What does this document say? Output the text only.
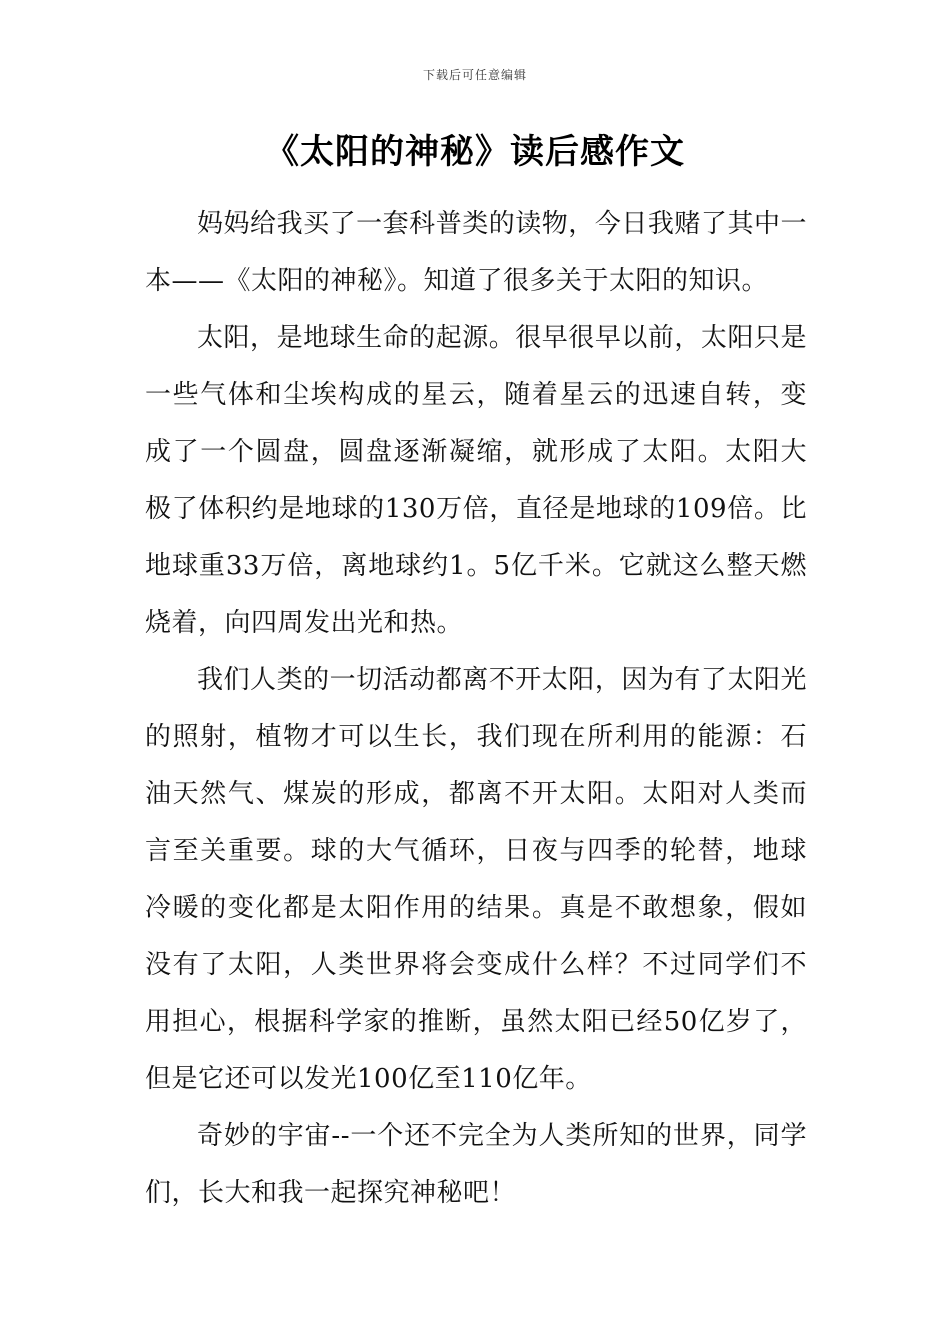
下载后可任意编辑
《太阳的神秘》读后感作文

妈妈给我买了一套科普类的读物，今日我赌了其中一本——《太阳的神秘》。知道了很多关于太阳的知识。

太阳，是地球生命的起源。很早很早以前，太阳只是一些气体和尘埃构成的星云，随着星云的迅速自转，变成了一个圆盘，圆盘逐渐凝缩，就形成了太阳。太阳大极了体积约是地球的130万倍，直径是地球的109倍。比地球重33万倍，离地球约1。5亿千米。它就这么整天燃烧着，向四周发出光和热。

我们人类的一切活动都离不开太阳，因为有了太阳光的照射，植物才可以生长，我们现在所利用的能源：石油天然气、煤炭的形成，都离不开太阳。太阳对人类而言至关重要。球的大气循环，日夜与四季的轮替，地球冷暖的变化都是太阳作用的结果。真是不敢想象，假如没有了太阳，人类世界将会变成什么样？不过同学们不用担心，根据科学家的推断，虽然太阳已经50亿岁了，但是它还可以发光100亿至110亿年。

奇妙的宇宙--一个还不完全为人类所知的世界，同学们，长大和我一起探究神秘吧！
